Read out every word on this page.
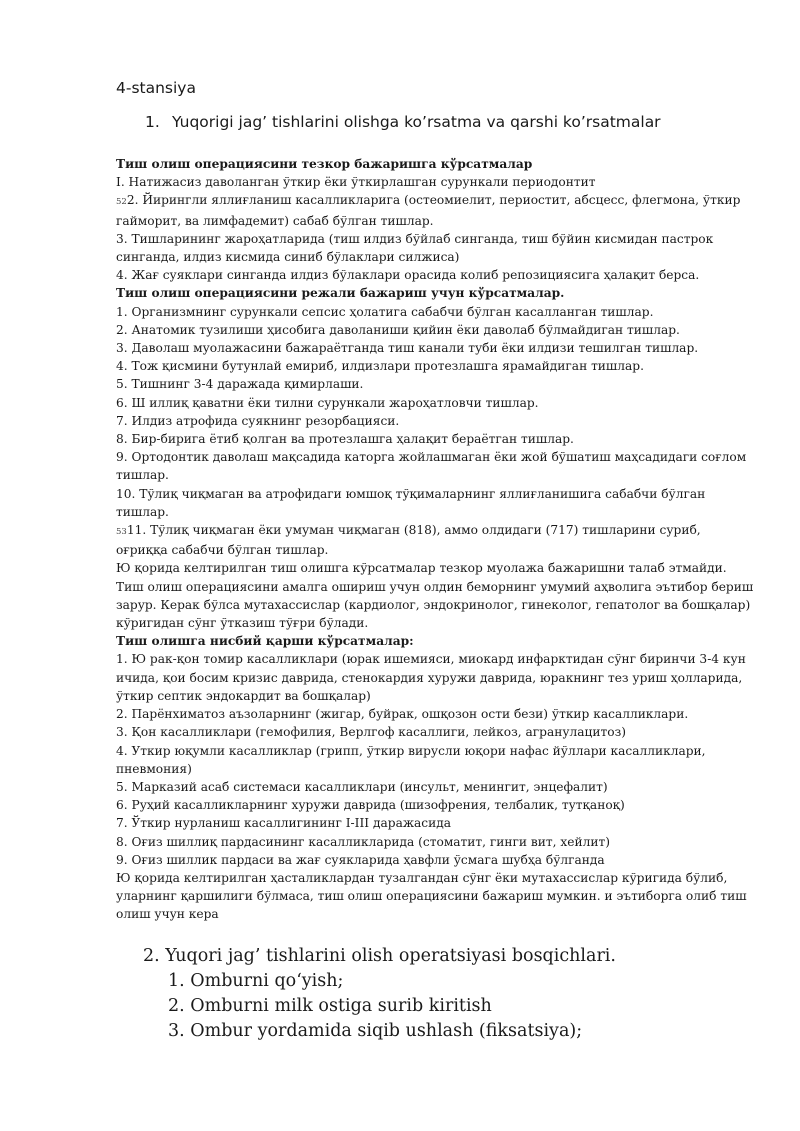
4-stansiya
1. Yuqorigi jag’ tishlarini olishga ko’rsatma va qarshi ko’rsatmalar

Тиш олиш операциясини тезкор бажаришга кўрсатмалар

I. Натижасиз даволанган ўткир ёки ўткирлашган сурункали периодонтит

522. Йирингли яллиғланиш касалликларига (остеомиелит, периостит, абсцесс, флегмона, ўткир гайморит, ва лимфадемит) сабаб бўлган тишлар.

3. Тишларининг жароҳатларида (тиш илдиз бўйлаб синганда, тиш бўйин кисмидан пастрок синганда, илдиз кисмида синиб бўлаклари силжиса)

4. Жағ суяклари синганда илдиз бўлаклари орасида колиб репозициясига ҳалақит берса.

Тиш олиш операциясини режали бажариш учун кўрсатмалар.

1. Организмнинг сурункали сепсис ҳолатига сабабчи бўлган касалланган тишлар.

2. Анатомик тузилиши ҳисобига даволаниши қийин ёки даволаб бўлмайдиган тишлар.

3. Даволаш муолажасини бажараётганда тиш канали туби ёки илдизи тешилган тишлар.

4. Тож қисмини бутунлай емириб, илдизлари протезлашга ярамайдиган тишлар.

5. Тишнинг 3-4 даражада қимирлаши.

6. Ш иллиқ қаватни ёки тилни сурункали жароҳатловчи тишлар.

7. Илдиз атрофида суякнинг резорбацияси.

8. Бир-бирига ётиб қолган ва протезлашга ҳалақит бераётган тишлар.

9. Ортодонтик даволаш мақсадида каторга жойлашмаган ёки жой бўшатиш маҳсадидаги соғлом тишлар.

10. Тўлиқ чиқмаган ва атрофидаги юмшоқ тўқималарнинг яллиғланишига сабабчи бўлган тишлар.

5311. Тўлиқ чиқмаган ёки умуман чиқмаган (818), аммо олдидаги (717) тишларини суриб, оғриққа сабабчи бўлган тишлар.

Ю қорида келтирилган тиш олишга кўрсатмалар тезкор муолажа бажаришни талаб этмайди. Тиш олиш операциясини амалга ошириш учун олдин беморнинг умумий аҳволига эътибор бериш

зарур. Керак бўлса мутахассислар (кардиолог, эндокринолог, гинеколог, гепатолог ва бошқалар) кўригидан сўнг ўтказиш тўғри бўлади.

Тиш олишга нисбий қарши кўрсатмалар:

1. Ю рак-қон томир касалликлари (юрак ишемияси, миокард инфарктидан сўнг биринчи 3-4 кун ичида, қои босим кризис даврида, стенокардия хуружи даврида, юракнинг тез уриш ҳолларида, ўткир септик эндокардит ва бошқалар)

2. Парёнхиматоз аъзоларнинг (жигар, буйрак, ошқозон ости бези) ўткир касалликлари.

3. Қон касалликлари (гемофилия, Верлгоф касаллиги, лейкоз, агранулацитоз)

4. Уткир юқумли касалликлар (грипп, ўткир вирусли юқори нафас йўллари касалликлари, пневмония)

5. Марказий асаб системаси касалликлари (инсульт, менингит, энцефалит)

6. Руҳий касалликларнинг хуружи даврида (шизофрения, телбалик, тутқаноқ)

7. Ўткир нурланиш касаллигининг I-III даражасида

8. Оғиз шиллиқ пардасининг касалликларида (стоматит, гинги вит, хейлит)

9. Оғиз шиллик пардаси ва жағ суякларида ҳавфли ўсмага шубҳа бўлганда

Ю қорида келтирилган ҳасталиклардан тузалгандан сўнг ёки мутахассислар кўригида бўлиб, уларнинг қаршилиги бўлмаса, тиш олиш операциясини бажариш мумкин. и эътиборга олиб тиш олиш учун кера

2. Yuqori jag’ tishlarini olish operatsiyasi bosqichlari.
1. Omburni qo‘yish;
2. Omburni milk ostiga surib kiritish
3. Ombur yordamida siqib ushlash (fiksatsiya);
